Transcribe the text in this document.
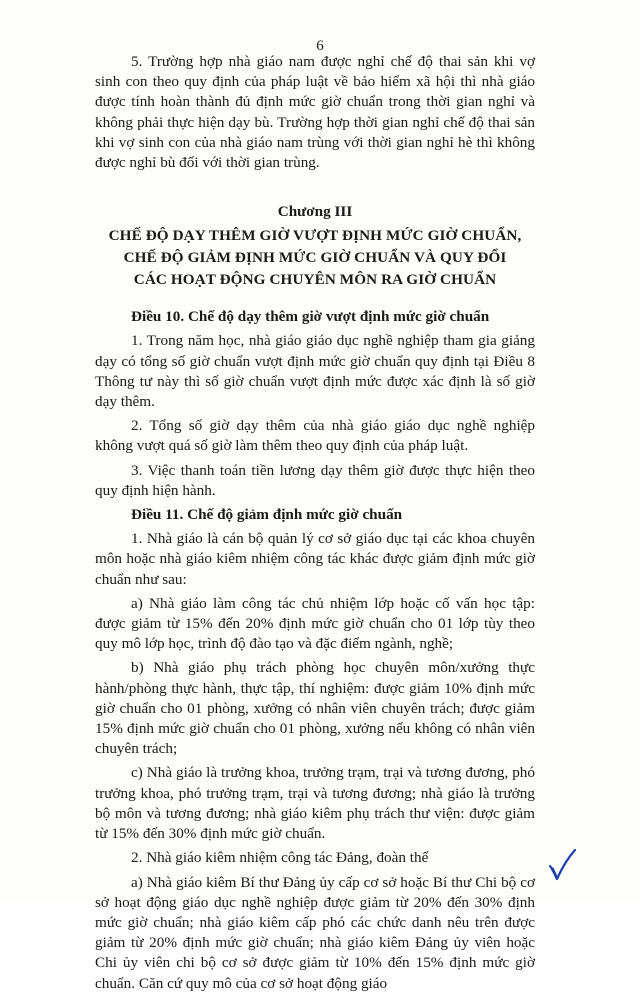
6

5. Trường hợp nhà giáo nam được nghỉ chế độ thai sản khi vợ sinh con theo quy định của pháp luật về bảo hiểm xã hội thì nhà giáo được tính hoàn thành đủ định mức giờ chuẩn trong thời gian nghỉ và không phải thực hiện dạy bù. Trường hợp thời gian nghỉ chế độ thai sản khi vợ sinh con của nhà giáo nam trùng với thời gian nghỉ hè thì không được nghỉ bù đối với thời gian trùng.

Chương III
CHẾ ĐỘ DẠY THÊM GIỜ VƯỢT ĐỊNH MỨC GIỜ CHUẨN,
CHẾ ĐỘ GIẢM ĐỊNH MỨC GIỜ CHUẨN VÀ QUY ĐỔI
CÁC HOẠT ĐỘNG CHUYÊN MÔN RA GIỜ CHUẨN

Điều 10. Chế độ dạy thêm giờ vượt định mức giờ chuẩn

1. Trong năm học, nhà giáo giáo dục nghề nghiệp tham gia giảng dạy có tổng số giờ chuẩn vượt định mức giờ chuẩn quy định tại Điều 8 Thông tư này thì số giờ chuẩn vượt định mức được xác định là số giờ dạy thêm.

2. Tổng số giờ dạy thêm của nhà giáo giáo dục nghề nghiệp không vượt quá số giờ làm thêm theo quy định của pháp luật.

3. Việc thanh toán tiền lương dạy thêm giờ được thực hiện theo quy định hiện hành.

Điều 11. Chế độ giảm định mức giờ chuẩn

1. Nhà giáo là cán bộ quản lý cơ sở giáo dục tại các khoa chuyên môn hoặc nhà giáo kiêm nhiệm công tác khác được giảm định mức giờ chuẩn như sau:

a) Nhà giáo làm công tác chủ nhiệm lớp hoặc cố vấn học tập: được giảm từ 15% đến 20% định mức giờ chuẩn cho 01 lớp tùy theo quy mô lớp học, trình độ đào tạo và đặc điểm ngành, nghề;

b) Nhà giáo phụ trách phòng học chuyên môn/xưởng thực hành/phòng thực hành, thực tập, thí nghiệm: được giảm 10% định mức giờ chuẩn cho 01 phòng, xưởng có nhân viên chuyên trách; được giảm 15% định mức giờ chuẩn cho 01 phòng, xưởng nếu không có nhân viên chuyên trách;

c) Nhà giáo là trưởng khoa, trưởng trạm, trại và tương đương, phó trưởng khoa, phó trưởng trạm, trại và tương đương; nhà giáo là trưởng bộ môn và tương đương; nhà giáo kiêm phụ trách thư viện: được giảm từ 15% đến 30% định mức giờ chuẩn.

2. Nhà giáo kiêm nhiệm công tác Đảng, đoàn thể

a) Nhà giáo kiêm Bí thư Đảng ủy cấp cơ sở hoặc Bí thư Chi bộ cơ sở hoạt động giáo dục nghề nghiệp được giảm từ 20% đến 30% định mức giờ chuẩn; nhà giáo kiêm cấp phó các chức danh nêu trên được giảm từ 20% định mức giờ chuẩn; nhà giáo kiêm Đảng ủy viên hoặc Chi ủy viên chi bộ cơ sở được giảm từ 10% đến 15% định mức giờ chuẩn. Căn cứ quy mô của cơ sở hoạt động giáo
